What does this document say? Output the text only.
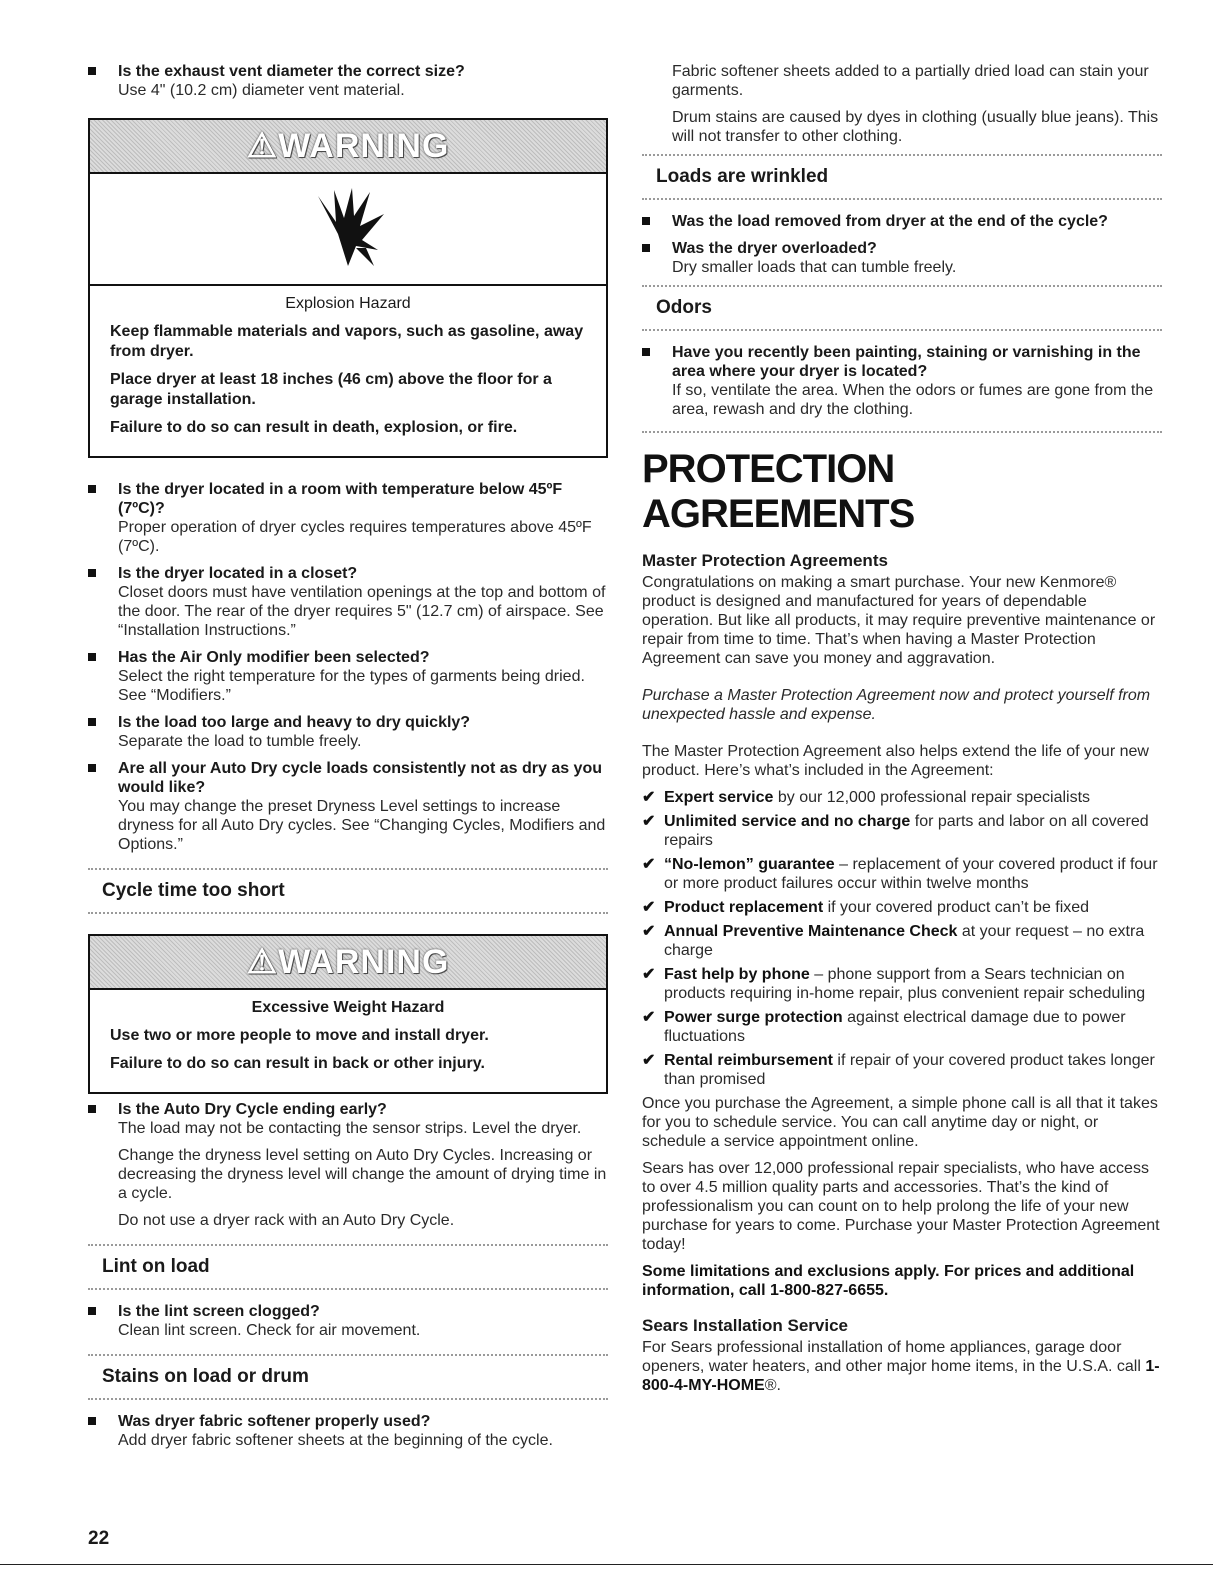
Is the exhaust vent diameter the correct size?
Use 4" (10.2 cm) diameter vent material.
⚠WARNING
Explosion Hazard

Keep flammable materials and vapors, such as gasoline, away from dryer.

Place dryer at least 18 inches (46 cm) above the floor for a garage installation.

Failure to do so can result in death, explosion, or fire.

Is the dryer located in a room with temperature below 45ºF (7ºC)?
Proper operation of dryer cycles requires temperatures above 45ºF (7ºC).
Is the dryer located in a closet?
Closet doors must have ventilation openings at the top and bottom of the door. The rear of the dryer requires 5" (12.7 cm) of airspace. See “Installation Instructions.”
Has the Air Only modifier been selected?
Select the right temperature for the types of garments being dried. See “Modifiers.”
Is the load too large and heavy to dry quickly?
Separate the load to tumble freely.
Are all your Auto Dry cycle loads consistently not as dry as you would like?
You may change the preset Dryness Level settings to increase dryness for all Auto Dry cycles. See “Changing Cycles, Modifiers and Options.”
Cycle time too short
⚠WARNING
Excessive Weight Hazard

Use two or more people to move and install dryer.

Failure to do so can result in back or other injury.

Is the Auto Dry Cycle ending early?
The load may not be contacting the sensor strips. Level the dryer.
Change the dryness level setting on Auto Dry Cycles. Increasing or decreasing the dryness level will change the amount of drying time in a cycle.
Do not use a dryer rack with an Auto Dry Cycle.
Lint on load
Is the lint screen clogged?
Clean lint screen. Check for air movement.
Stains on load or drum
Was dryer fabric softener properly used?
Add dryer fabric softener sheets at the beginning of the cycle.
Fabric softener sheets added to a partially dried load can stain your garments.
Drum stains are caused by dyes in clothing (usually blue jeans). This will not transfer to other clothing.
Loads are wrinkled
Was the load removed from dryer at the end of the cycle?
Was the dryer overloaded?
Dry smaller loads that can tumble freely.
Odors
Have you recently been painting, staining or varnishing in the area where your dryer is located?
If so, ventilate the area. When the odors or fumes are gone from the area, rewash and dry the clothing.
PROTECTION AGREEMENTS
Master Protection Agreements
Congratulations on making a smart purchase. Your new Kenmore® product is designed and manufactured for years of dependable operation. But like all products, it may require preventive maintenance or repair from time to time. That’s when having a Master Protection Agreement can save you money and aggravation.
Purchase a Master Protection Agreement now and protect yourself from unexpected hassle and expense.
The Master Protection Agreement also helps extend the life of your new product. Here’s what’s included in the Agreement:
✔ Expert service by our 12,000 professional repair specialists
✔ Unlimited service and no charge for parts and labor on all covered repairs
✔ “No-lemon” guarantee – replacement of your covered product if four or more product failures occur within twelve months
✔ Product replacement if your covered product can’t be fixed
✔ Annual Preventive Maintenance Check at your request – no extra charge
✔ Fast help by phone – phone support from a Sears technician on products requiring in-home repair, plus convenient repair scheduling
✔ Power surge protection against electrical damage due to power fluctuations
✔ Rental reimbursement if repair of your covered product takes longer than promised
Once you purchase the Agreement, a simple phone call is all that it takes for you to schedule service. You can call anytime day or night, or schedule a service appointment online.
Sears has over 12,000 professional repair specialists, who have access to over 4.5 million quality parts and accessories. That’s the kind of professionalism you can count on to help prolong the life of your new purchase for years to come. Purchase your Master Protection Agreement today!
Some limitations and exclusions apply. For prices and additional information, call 1-800-827-6655.
Sears Installation Service
For Sears professional installation of home appliances, garage door openers, water heaters, and other major home items, in the U.S.A. call 1-800-4-MY-HOME®.
22
